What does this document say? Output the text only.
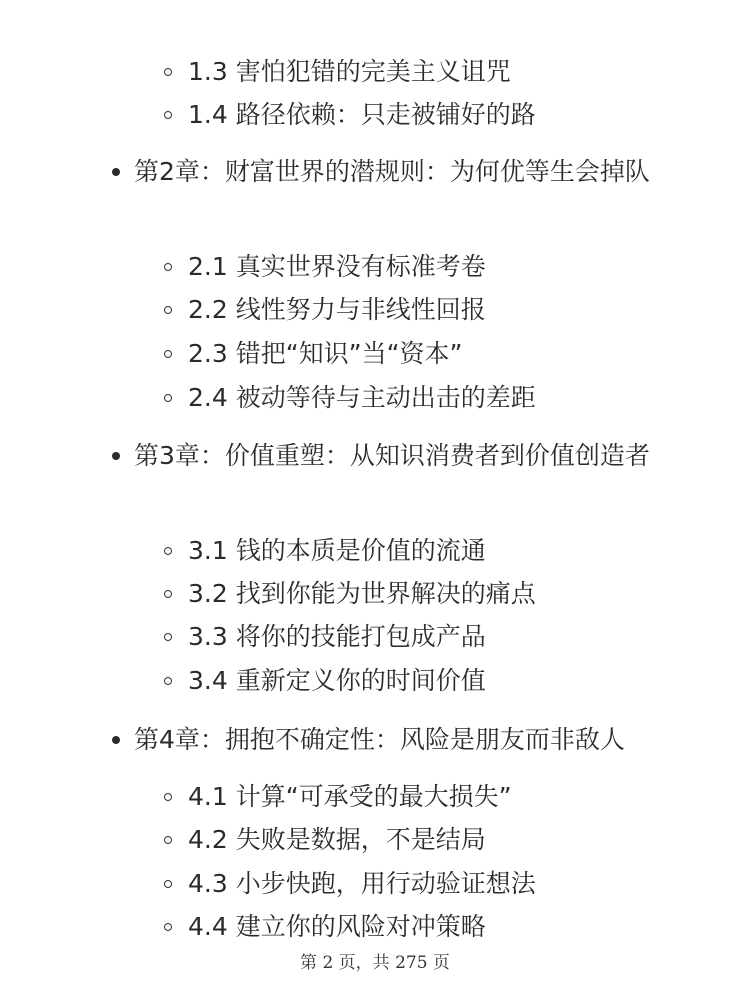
1.3 害怕犯错的完美主义诅咒
1.4 路径依赖：只走被铺好的路
第2章：财富世界的潜规则：为何优等生会掉队
2.1 真实世界没有标准考卷
2.2 线性努力与非线性回报
2.3 错把“知识”当“资本”
2.4 被动等待与主动出击的差距
第3章：价值重塑：从知识消费者到价值创造者
3.1 钱的本质是价值的流通
3.2 找到你能为世界解决的痛点
3.3 将你的技能打包成产品
3.4 重新定义你的时间价值
第4章：拥抱不确定性：风险是朋友而非敌人
4.1 计算“可承受的最大损失”
4.2 失败是数据，不是结局
4.3 小步快跑，用行动验证想法
4.4 建立你的风险对冲策略
第 2 页，共 275 页
